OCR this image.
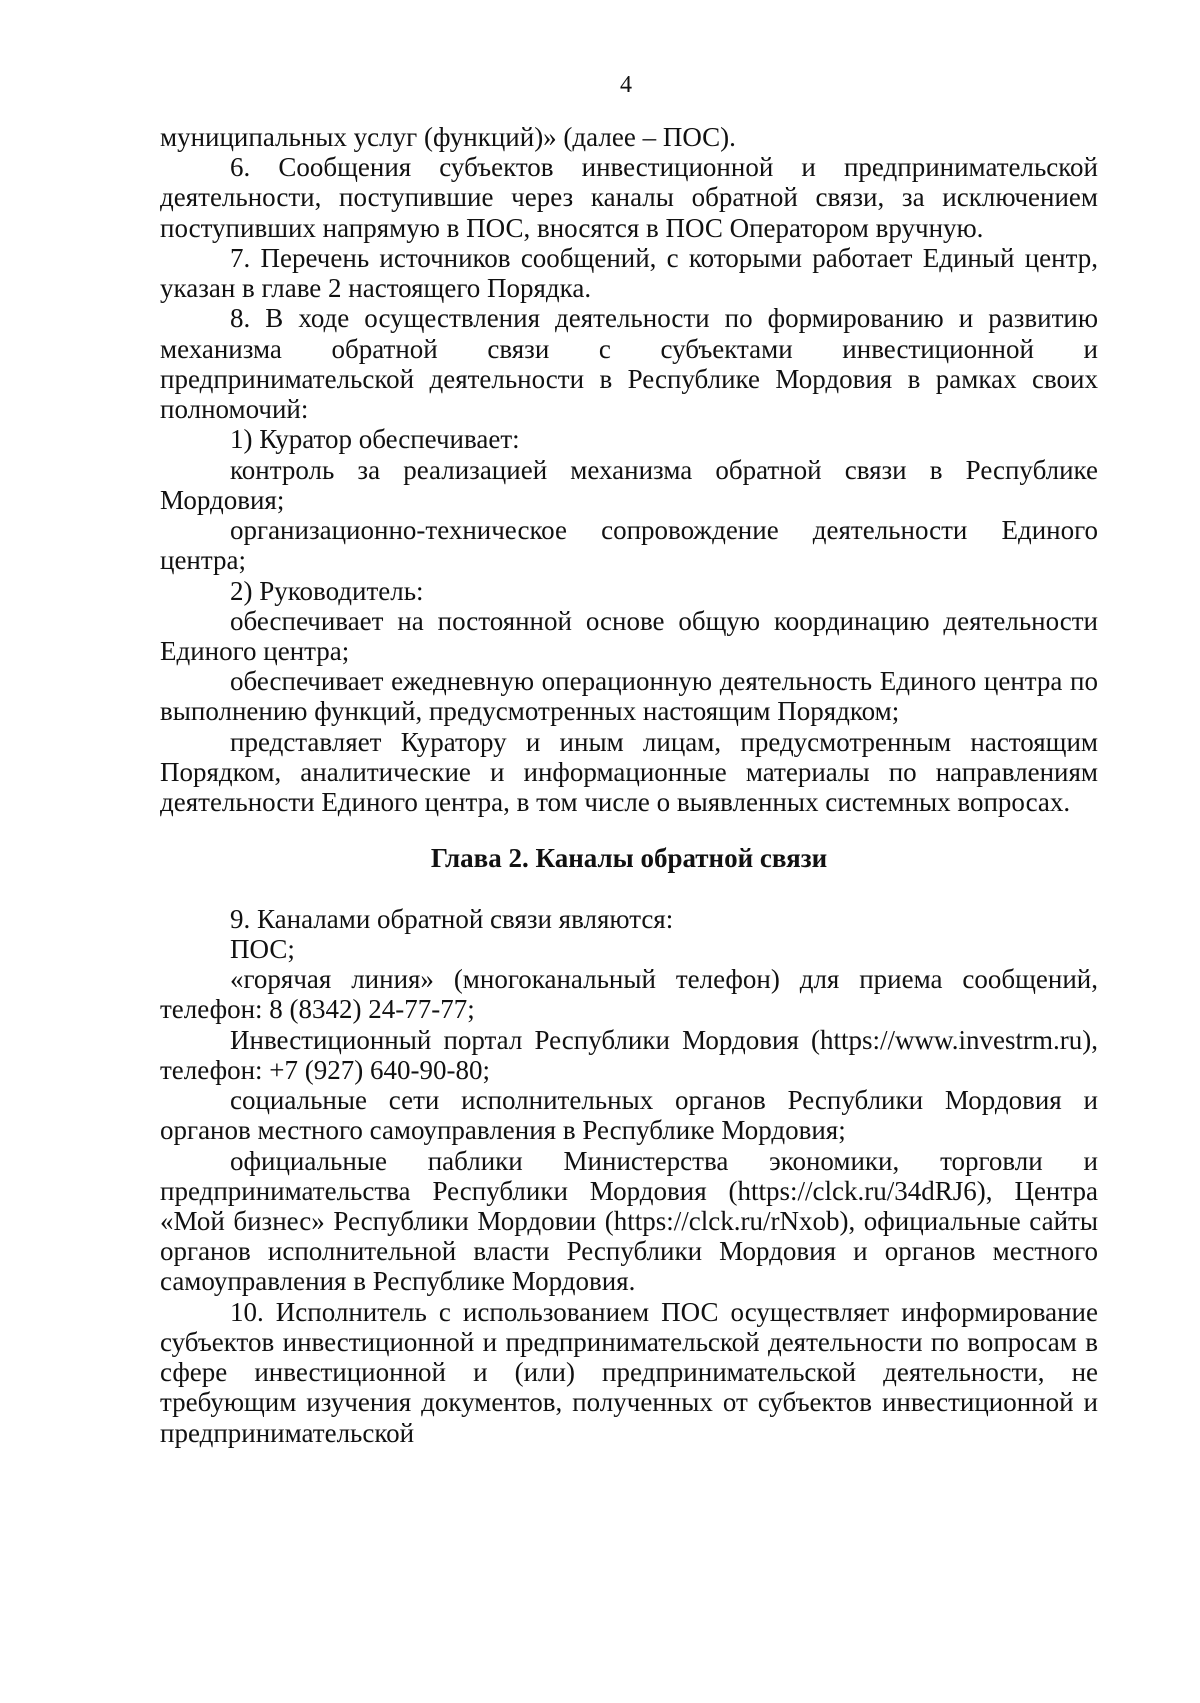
4

муниципальных услуг (функций)» (далее – ПОС).

6. Сообщения субъектов инвестиционной и предпринимательской деятельности, поступившие через каналы обратной связи, за исключением поступивших напрямую в ПОС, вносятся в ПОС Оператором вручную.

7. Перечень источников сообщений, с которыми работает Единый центр, указан в главе 2 настоящего Порядка.

8. В ходе осуществления деятельности по формированию и развитию механизма обратной связи с субъектами инвестиционной и предпринимательской деятельности в Республике Мордовия в рамках своих полномочий:

1) Куратор обеспечивает:

контроль за реализацией механизма обратной связи в Республике Мордовия;

организационно-техническое сопровождение деятельности Единого центра;

2) Руководитель:

обеспечивает на постоянной основе общую координацию деятельности Единого центра;

обеспечивает ежедневную операционную деятельность Единого центра по выполнению функций, предусмотренных настоящим Порядком;

представляет Куратору и иным лицам, предусмотренным настоящим Порядком, аналитические и информационные материалы по направлениям деятельности Единого центра, в том числе о выявленных системных вопросах.

Глава 2. Каналы обратной связи

9. Каналами обратной связи являются:

ПОС;

«горячая линия» (многоканальный телефон) для приема сообщений, телефон: 8 (8342) 24-77-77;

Инвестиционный портал Республики Мордовия (https://www.investrm.ru), телефон: +7 (927) 640-90-80;

социальные сети исполнительных органов Республики Мордовия и органов местного самоуправления в Республике Мордовия;

официальные паблики Министерства экономики, торговли и предпринимательства Республики Мордовия (https://clck.ru/34dRJ6), Центра «Мой бизнес» Республики Мордовии (https://clck.ru/rNxob), официальные сайты органов исполнительной власти Республики Мордовия и органов местного самоуправления в Республике Мордовия.

10. Исполнитель с использованием ПОС осуществляет информирование субъектов инвестиционной и предпринимательской деятельности по вопросам в сфере инвестиционной и (или) предпринимательской деятельности, не требующим изучения документов, полученных от субъектов инвестиционной и предпринимательской
